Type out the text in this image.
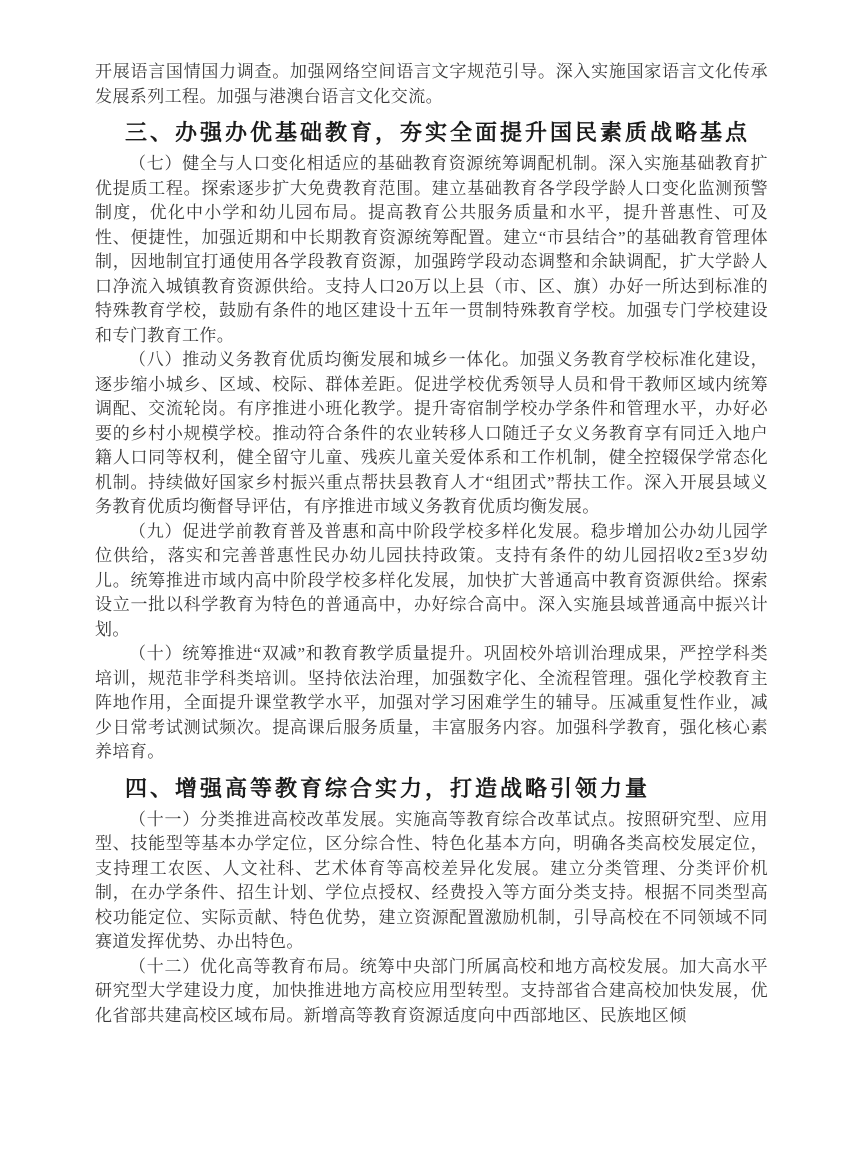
开展语言国情国力调查。加强网络空间语言文字规范引导。深入实施国家语言文化传承发展系列工程。加强与港澳台语言文化交流。

三、办强办优基础教育，夯实全面提升国民素质战略基点

（七）健全与人口变化相适应的基础教育资源统筹调配机制。深入实施基础教育扩优提质工程。探索逐步扩大免费教育范围。建立基础教育各学段学龄人口变化监测预警制度，优化中小学和幼儿园布局。提高教育公共服务质量和水平，提升普惠性、可及性、便捷性，加强近期和中长期教育资源统筹配置。建立“市县结合”的基础教育管理体制，因地制宜打通使用各学段教育资源，加强跨学段动态调整和余缺调配，扩大学龄人口净流入城镇教育资源供给。支持人口20万以上县（市、区、旗）办好一所达到标准的特殊教育学校，鼓励有条件的地区建设十五年一贯制特殊教育学校。加强专门学校建设和专门教育工作。

（八）推动义务教育优质均衡发展和城乡一体化。加强义务教育学校标准化建设，逐步缩小城乡、区域、校际、群体差距。促进学校优秀领导人员和骨干教师区域内统筹调配、交流轮岗。有序推进小班化教学。提升寄宿制学校办学条件和管理水平，办好必要的乡村小规模学校。推动符合条件的农业转移人口随迁子女义务教育享有同迁入地户籍人口同等权利，健全留守儿童、残疾儿童关爱体系和工作机制，健全控辍保学常态化机制。持续做好国家乡村振兴重点帮扶县教育人才“组团式”帮扶工作。深入开展县域义务教育优质均衡督导评估，有序推进市域义务教育优质均衡发展。

（九）促进学前教育普及普惠和高中阶段学校多样化发展。稳步增加公办幼儿园学位供给，落实和完善普惠性民办幼儿园扶持政策。支持有条件的幼儿园招收2至3岁幼儿。统筹推进市域内高中阶段学校多样化发展，加快扩大普通高中教育资源供给。探索设立一批以科学教育为特色的普通高中，办好综合高中。深入实施县域普通高中振兴计划。

（十）统筹推进“双减”和教育教学质量提升。巩固校外培训治理成果，严控学科类培训，规范非学科类培训。坚持依法治理，加强数字化、全流程管理。强化学校教育主阵地作用，全面提升课堂教学水平，加强对学习困难学生的辅导。压减重复性作业，减少日常考试测试频次。提高课后服务质量，丰富服务内容。加强科学教育，强化核心素养培育。

四、增强高等教育综合实力，打造战略引领力量

（十一）分类推进高校改革发展。实施高等教育综合改革试点。按照研究型、应用型、技能型等基本办学定位，区分综合性、特色化基本方向，明确各类高校发展定位，支持理工农医、人文社科、艺术体育等高校差异化发展。建立分类管理、分类评价机制，在办学条件、招生计划、学位点授权、经费投入等方面分类支持。根据不同类型高校功能定位、实际贡献、特色优势，建立资源配置激励机制，引导高校在不同领域不同赛道发挥优势、办出特色。

（十二）优化高等教育布局。统筹中央部门所属高校和地方高校发展。加大高水平研究型大学建设力度，加快推进地方高校应用型转型。支持部省合建高校加快发展，优化省部共建高校区域布局。新增高等教育资源适度向中西部地区、民族地区倾
